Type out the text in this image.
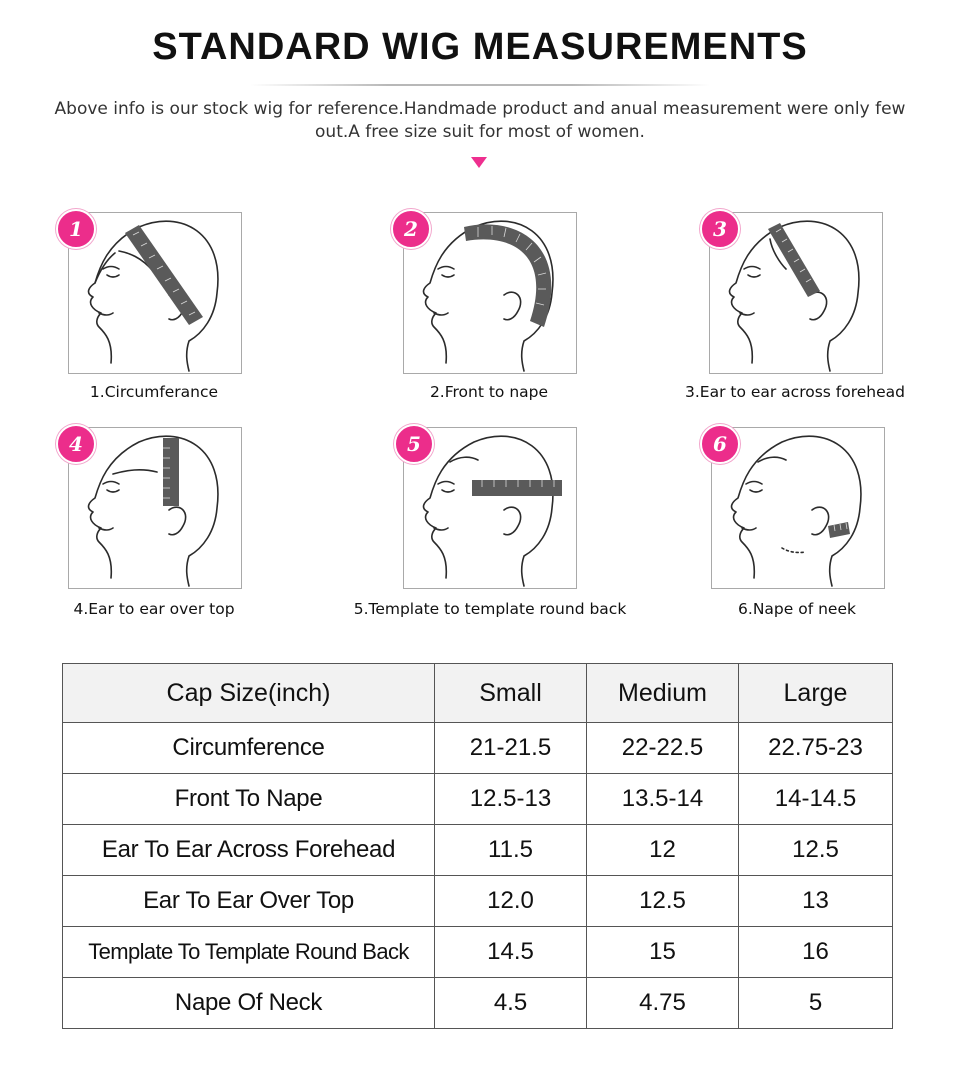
STANDARD WIG MEASUREMENTS
Above info is our stock wig for reference.Handmade product and anual measurement were only few
out.A free size suit for most of women.
1
1.Circumferance
2
2.Front to nape
3
3.Ear to ear across forehead
4
4.Ear to ear over top
5
5.Template to template round back
6
6.Nape of neek
Cap Size(inch)	Small	Medium	Large
Circumference	21-21.5	22-22.5	22.75-23
Front To Nape	12.5-13	13.5-14	14-14.5
Ear To Ear Across Forehead	11.5	12	12.5
Ear To Ear Over Top	12.0	12.5	13
Template To Template Round Back	14.5	15	16
Nape Of Neck	4.5	4.75	5
